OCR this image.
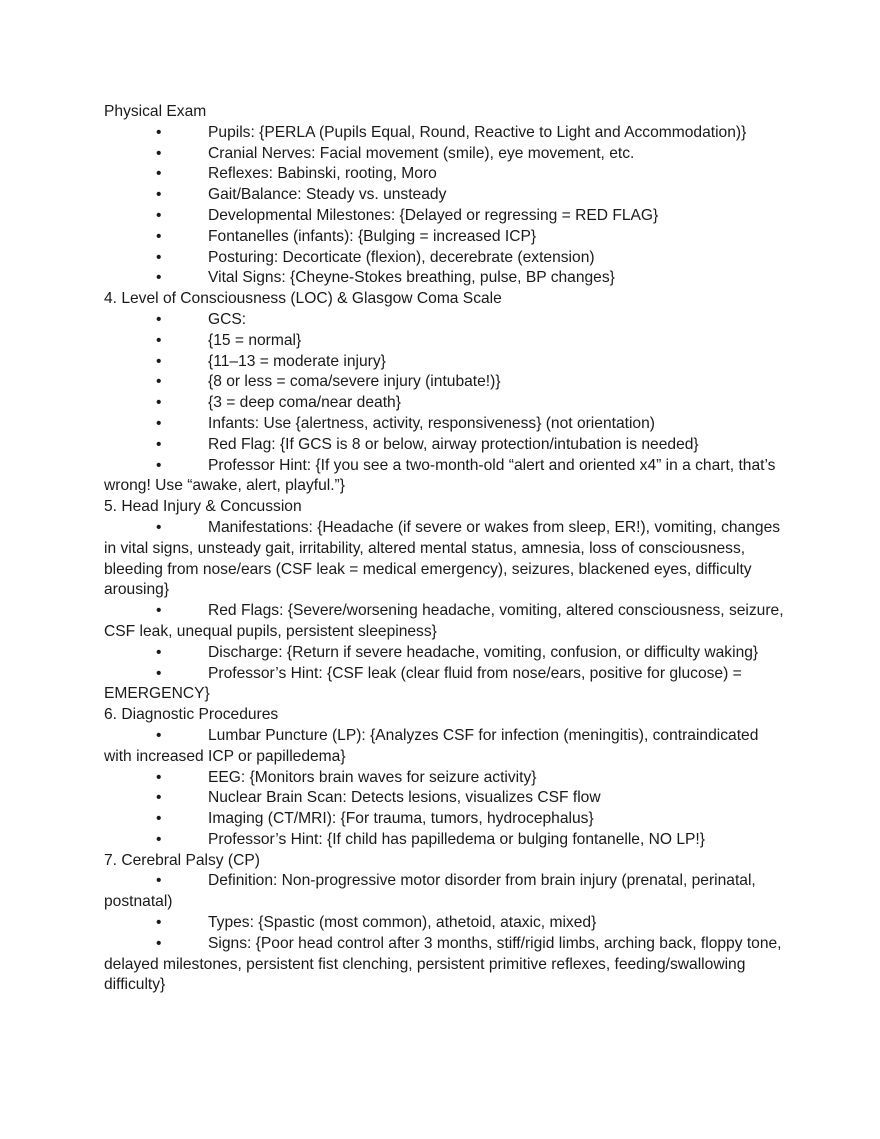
Physical Exam

•	Pupils: {PERLA (Pupils Equal, Round, Reactive to Light and Accommodation)}

•	Cranial Nerves: Facial movement (smile), eye movement, etc.

•	Reflexes: Babinski, rooting, Moro

•	Gait/Balance: Steady vs. unsteady

•	Developmental Milestones: {Delayed or regressing = RED FLAG}

•	Fontanelles (infants): {Bulging = increased ICP}

•	Posturing: Decorticate (flexion), decerebrate (extension)

•	Vital Signs: {Cheyne-Stokes breathing, pulse, BP changes}

4. Level of Consciousness (LOC) & Glasgow Coma Scale

•	GCS:

•	{15 = normal}

•	{11–13 = moderate injury}

•	{8 or less = coma/severe injury (intubate!)}

•	{3 = deep coma/near death}

•	Infants: Use {alertness, activity, responsiveness} (not orientation)

•	Red Flag: {If GCS is 8 or below, airway protection/intubation is needed}

•	Professor Hint: {If you see a two-month-old “alert and oriented x4” in a chart, that’s wrong! Use “awake, alert, playful.”}

5. Head Injury & Concussion

•	Manifestations: {Headache (if severe or wakes from sleep, ER!), vomiting, changes in vital signs, unsteady gait, irritability, altered mental status, amnesia, loss of consciousness, bleeding from nose/ears (CSF leak = medical emergency), seizures, blackened eyes, difficulty arousing}

•	Red Flags: {Severe/worsening headache, vomiting, altered consciousness, seizure, CSF leak, unequal pupils, persistent sleepiness}

•	Discharge: {Return if severe headache, vomiting, confusion, or difficulty waking}

•	Professor’s Hint: {CSF leak (clear fluid from nose/ears, positive for glucose) = EMERGENCY}

6. Diagnostic Procedures

•	Lumbar Puncture (LP): {Analyzes CSF for infection (meningitis), contraindicated with increased ICP or papilledema}

•	EEG: {Monitors brain waves for seizure activity}

•	Nuclear Brain Scan: Detects lesions, visualizes CSF flow

•	Imaging (CT/MRI): {For trauma, tumors, hydrocephalus}

•	Professor’s Hint: {If child has papilledema or bulging fontanelle, NO LP!}

7. Cerebral Palsy (CP)

•	Definition: Non-progressive motor disorder from brain injury (prenatal, perinatal, postnatal)

•	Types: {Spastic (most common), athetoid, ataxic, mixed}

•	Signs: {Poor head control after 3 months, stiff/rigid limbs, arching back, floppy tone, delayed milestones, persistent fist clenching, persistent primitive reflexes, feeding/swallowing difficulty}
